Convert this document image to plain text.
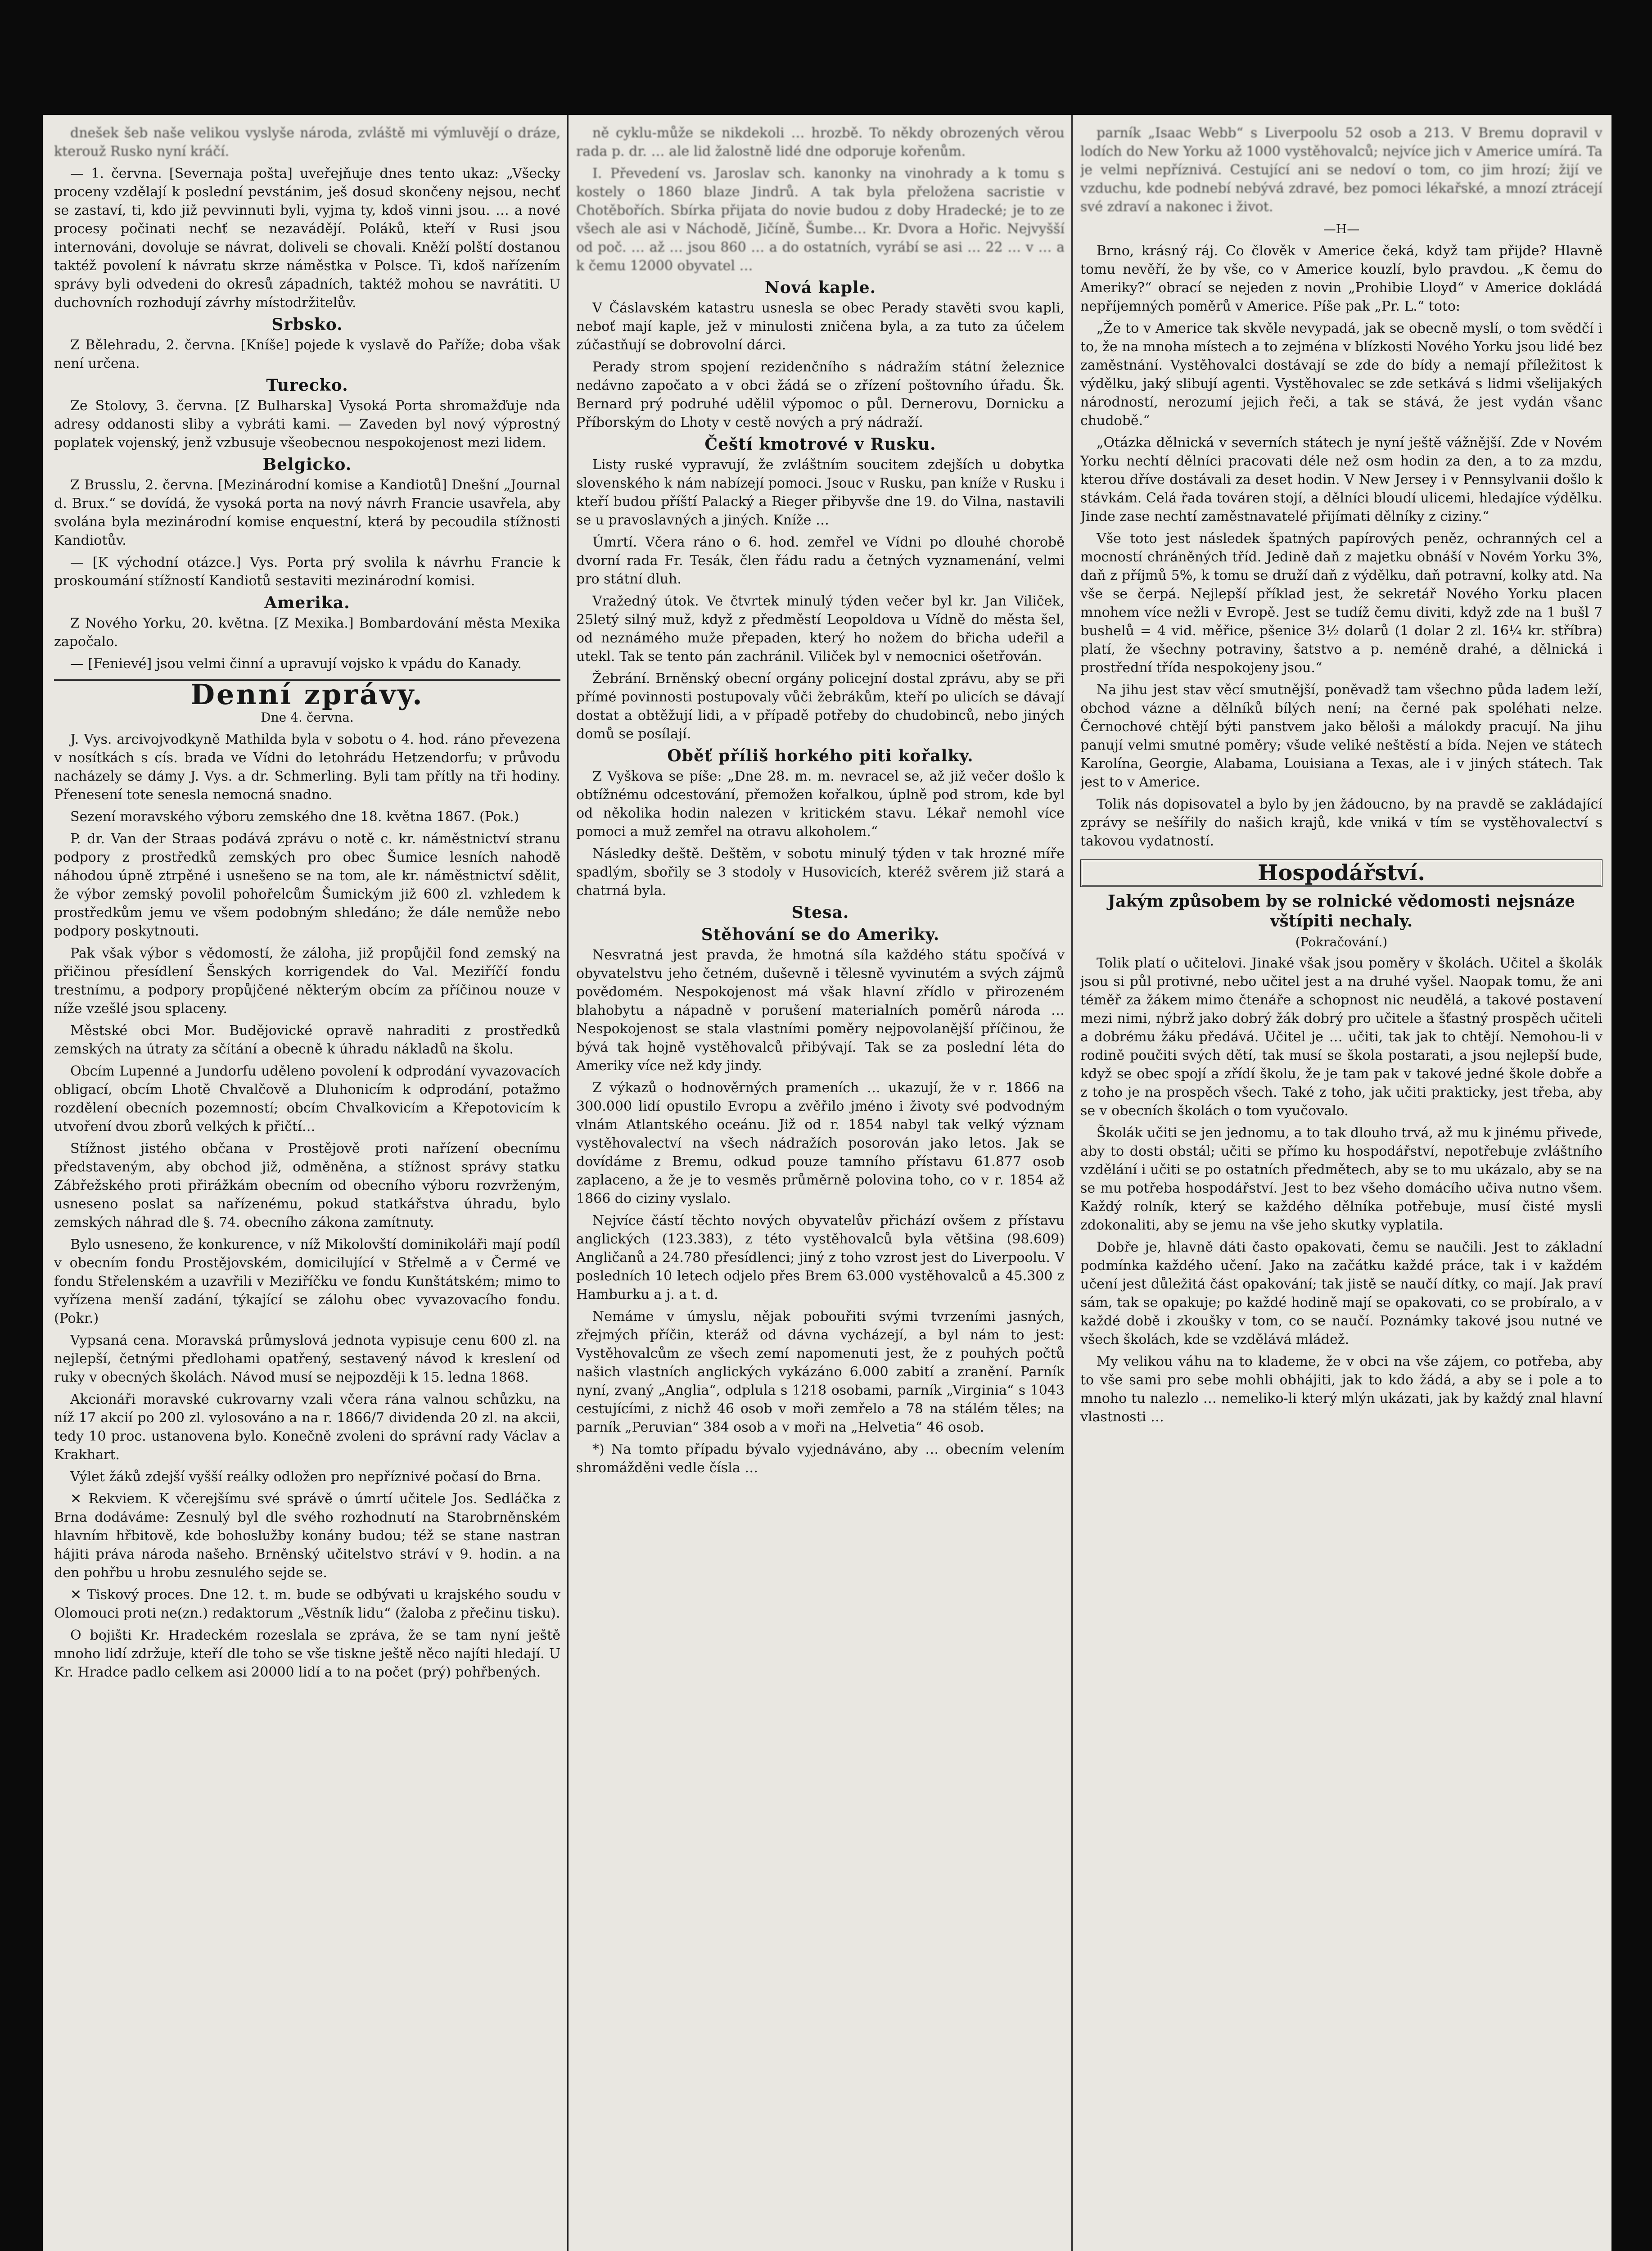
dnešek šeb naše velikou vyslyše národa, zvláště mi výmluvějí o dráze, kterouž Rusko nyní kráčí.

— 1. června. [Severnaja pošta] uveřejňuje dnes tento ukaz: „Všecky proceny vzdělají k poslední pevstánim, ješ dosud skončeny nejsou, nechť se zastaví, ti, kdo již pevvinnuti byli, vyjma ty, kdoš vinni jsou. … a nové procesy počinati nechť se nezavádějí. Poláků, kteří v Rusi jsou internováni, dovoluje se návrat, doliveli se chovali. Kněží polští dostanou taktéž povolení k návratu skrze náměstka v Polsce. Ti, kdoš nařízením správy byli odvedeni do okresů západních, taktéž mohou se navrátiti. U duchovních rozhodují závrhy místodržitelův.

Srbsko.

Z Bělehradu, 2. června. [Kníše] pojede k vyslavě do Paříže; doba však není určena.

Turecko.

Ze Stolovy, 3. června. [Z Bulharska] Vysoká Porta shromažďuje nda adresy oddanosti sliby a vybráti kami. — Zaveden byl nový výprostný poplatek vojenský, jenž vzbusuje všeobecnou nespokojenost mezi lidem.

Belgicko.

Z Brusslu, 2. června. [Mezinárodní komise a Kandiotů] Dnešní „Journal d. Brux.“ se dovídá, že vysoká porta na nový návrh Francie usavřela, aby svolána byla mezinárodní komise enquestní, která by pecoudila stížnosti Kandiotův.

— [K východní otázce.] Vys. Porta prý svolila k návrhu Francie k proskoumání stížností Kandiotů sestaviti mezinárodní komisi.

Amerika.

Z Nového Yorku, 20. května. [Z Mexika.] Bombardování města Mexika započalo.

— [Fenievé] jsou velmi činní a upravují vojsko k vpádu do Kanady.

Denní zprávy.
Dne 4. června.

J. Vys. arcivojvodkyně Mathilda byla v sobotu o 4. hod. ráno převezena v nosítkách s cís. brada ve Vídni do letohrádu Hetzendorfu; v průvodu nacházely se dámy J. Vys. a dr. Schmerling. Byli tam přítly na tři hodiny. Přenesení tote senesla nemocná snadno.

Sezení moravského výboru zemského dne 18. května 1867. (Pok.)

P. dr. Van der Straas podává zprávu o notě c. kr. náměstnictví stranu podpory z prostředků zemských pro obec Šumice lesních nahodě náhodou úpně ztrpěné i usnešeno se na tom, ale kr. náměstnictví sdělit, že výbor zemský povolil pohořelcům Šumickým již 600 zl. vzhledem k prostředkům jemu ve všem podobným shledáno; že dále nemůže nebo podpory poskytnouti.

Pak však výbor s vědomostí, že záloha, již propůjčil fond zemský na přičinou přesídlení Šenských korrigendek do Val. Meziříčí fondu trestnímu, a podpory propůjčené některým obcím za příčinou nouze v níže vzešlé jsou splaceny.

Městské obci Mor. Budějovické opravě nahraditi z prostředků zemských na útraty za sčítání a obecně k úhradu nákladů na školu.

Obcím Lupenné a Jundorfu uděleno povolení k odprodání vyvazovacích obligací, obcím Lhotě Chvalčově a Dluhonicím k odprodání, potažmo rozdělení obecních pozemností; obcím Chvalkovicím a Křepotovicím k utvoření dvou zborů velkých k přičtí…

Stížnost jistého občana v Prostějově proti nařízení obecnímu představeným, aby obchod již, odměněna, a stížnost správy statku Zábřežského proti přirážkám obecním od obecního výboru rozvrženým, usneseno poslat sa nařízenému, pokud statkářstva úhradu, bylo zemských náhrad dle §. 74. obecního zákona zamítnuty.

Bylo usneseno, že konkurence, v níž Mikolovští dominikoláři mají podíl v obecním fondu Prostějovském, domicilující v Střelmě a v Čermé ve fondu Střelenském a uzavřili v Meziříčku ve fondu Kunštátském; mimo to vyřízena menší zadání, týkající se zálohu obec vyvazovacího fondu. (Pokr.)

Vypsaná cena. Moravská průmyslová jednota vypisuje cenu 600 zl. na nejlepší, četnými předlohami opatřený, sestavený návod k kreslení od ruky v obecných školách. Návod musí se nejpozději k 15. ledna 1868.

Akcionáři moravské cukrovarny vzali včera rána valnou schůzku, na níž 17 akcií po 200 zl. vylosováno a na r. 1866/7 dividenda 20 zl. na akcii, tedy 10 proc. ustanovena bylo. Konečně zvoleni do správní rady Václav a Krakhart.

Výlet žáků zdejší vyšší reálky odložen pro nepříznivé počasí do Brna.

✕ Rekviem. K včerejšímu své správě o úmrtí učitele Jos. Sedláčka z Brna dodáváme: Zesnulý byl dle svého rozhodnutí na Starobrněnském hlavním hřbitově, kde bohoslužby konány budou; též se stane nastran hájiti práva národa našeho. Brněnský učitelstvo stráví v 9. hodin. a na den pohřbu u hrobu zesnulého sejde se.

✕ Tiskový proces. Dne 12. t. m. bude se odbývati u krajského soudu v Olomouci proti ne(zn.) redaktorum „Věstník lidu“ (žaloba z přečinu tisku).

O bojišti Kr. Hradeckém rozeslala se zpráva, že se tam nyní ještě mnoho lidí zdržuje, kteří dle toho se vše tiskne ještě něco najíti hledají. U Kr. Hradce padlo celkem asi 20000 lidí a to na počet (prý) pohřbených.

ně cyklu-může se nikdekoli … hrozbě. To někdy obrozených věrou rada p. dr. … ale lid žalostně lidé dne odporuje kořenům.

I. Převedení vs. Jaroslav sch. kanonky na vinohrady a k tomu s kostely o 1860 blaze Jindrů. A tak byla přeložena sacristie v Chotěbořích. Sbírka přijata do novie budou z doby Hradecké; je to ze všech ale asi v Náchodě, Jičíně, Šumbe… Kr. Dvora a Hořic. Nejvyšší od poč. … až … jsou 860 … a do ostatních, vyrábí se asi … 22 … v … a k čemu 12000 obyvatel …

Nová kaple.

V Čáslavském katastru usnesla se obec Perady stavěti svou kapli, neboť mají kaple, jež v minulosti zničena byla, a za tuto za účelem zúčastňují se dobrovolní dárci.

Perady strom spojení rezidenčního s nádražím státní železnice nedávno započato a v obci žádá se o zřízení poštovního úřadu. Šk. Bernard prý podruhé udělil výpomoc o půl. Dernerovu, Dornicku a Příborským do Lhoty v cestě nových a prý nádraží.

Čeští kmotrové v Rusku.

Listy ruské vypravují, že zvláštním soucitem zdejších u dobytka slovenského k nám nabízejí pomoci. Jsouc v Rusku, pan kníže v Rusku i kteří budou příští Palacký a Rieger přibyvše dne 19. do Vilna, nastavili se u pravoslavných a jiných. Kníže …

Úmrtí. Včera ráno o 6. hod. zemřel ve Vídni po dlouhé chorobě dvorní rada Fr. Tesák, člen řádu radu a četných vyznamenání, velmi pro státní dluh.

Vražedný útok. Ve čtvrtek minulý týden večer byl kr. Jan Viliček, 25letý silný muž, když z předměstí Leopoldova u Vídně do města šel, od neznámého muže přepaden, který ho nožem do břicha udeřil a utekl. Tak se tento pán zachránil. Viliček byl v nemocnici ošetřován.

Žebrání. Brněnský obecní orgány policejní dostal zprávu, aby se při přímé povinnosti postupovaly vůči žebrákům, kteří po ulicích se dávají dostat a obtěžují lidi, a v případě potřeby do chudobinců, nebo jiných domů se posílají.

Oběť příliš horkého piti kořalky.

Z Vyškova se píše: „Dne 28. m. m. nevracel se, až již večer došlo k obtížnému odcestování, přemožen kořalkou, úplně pod strom, kde byl od několika hodin nalezen v kritickém stavu. Lékař nemohl více pomoci a muž zemřel na otravu alkoholem.“

Následky deště. Deštěm, v sobotu minulý týden v tak hrozné míře spadlým, sbořily se 3 stodoly v Husovicích, kteréž svěrem již stará a chatrná byla.

Stesa.
Stěhování se do Ameriky.

Nesvratná jest pravda, že hmotná síla každého státu spočívá v obyvatelstvu jeho četném, duševně i tělesně vyvinutém a svých zájmů povědomém. Nespokojenost má však hlavní zřídlo v přirozeném blahobytu a nápadně v porušení materialních poměrů národa … Nespokojenost se stala vlastními poměry nejpovolanější příčinou, že bývá tak hojně vystěhovalců přibývají. Tak se za poslední léta do Ameriky více než kdy jindy.

Z výkazů o hodnověrných prameních … ukazují, že v r. 1866 na 300.000 lidí opustilo Evropu a zvěřilo jméno i životy své podvodným vlnám Atlantského oceánu. Již od r. 1854 nabyl tak velký význam vystěhovalectví na všech nádražích posorován jako letos. Jak se dovídáme z Bremu, odkud pouze tamního přístavu 61.877 osob zaplaceno, a že je to vesměs průměrně polovina toho, co v r. 1854 až 1866 do ciziny vyslalo.

Nejvíce částí těchto nových obyvatelův přichází ovšem z přístavu anglických (123.383), z této vystěhovalců byla většina (98.609) Angličanů a 24.780 přesídlenci; jiný z toho vzrost jest do Liverpoolu. V posledních 10 letech odjelo přes Brem 63.000 vystěhovalců a 45.300 z Hamburku a j. a t. d.

Nemáme v úmyslu, nějak pobouřiti svými tvrzeními jasných, zřejmých příčin, kteráž od dávna vycházejí, a byl nám to jest: Vystěhovalcům ze všech zemí napomenuti jest, že z pouhých počtů našich vlastních anglických vykázáno 6.000 zabití a zranění. Parník nyní, zvaný „Anglia“, odplula s 1218 osobami, parník „Virginia“ s 1043 cestujícími, z nichž 46 osob v moři zemřelo a 78 na stálém těles; na parník „Peruvian“ 384 osob a v moři na „Helvetia“ 46 osob.

*) Na tomto případu bývalo vyjednáváno, aby … obecním velením shromážděni vedle čísla …

parník „Isaac Webb“ s Liverpoolu 52 osob a 213. V Bremu dopravil v lodích do New Yorku až 1000 vystěhovalců; nejvíce jich v Americe umírá. Ta je velmi nepříznivá. Cestující ani se nedoví o tom, co jim hrozí; žijí ve vzduchu, kde podnebí nebývá zdravé, bez pomoci lékařské, a mnozí ztrácejí své zdraví a nakonec i život.

—H—

Brno, krásný ráj. Co člověk v Americe čeká, když tam přijde? Hlavně tomu nevěří, že by vše, co v Americe kouzlí, bylo pravdou. „K čemu do Ameriky?“ obrací se nejeden z novin „Prohibie Lloyd“ v Americe dokládá nepříjemných poměrů v Americe. Píše pak „Pr. L.“ toto:

„Že to v Americe tak skvěle nevypadá, jak se obecně myslí, o tom svědčí i to, že na mnoha místech a to zejména v blízkosti Nového Yorku jsou lidé bez zaměstnání. Vystěhovalci dostávají se zde do bídy a nemají příležitost k výdělku, jaký slibují agenti. Vystěhovalec se zde setkává s lidmi všelijakých národností, nerozumí jejich řeči, a tak se stává, že jest vydán všanc chudobě.“

„Otázka dělnická v severních státech je nyní ještě vážnější. Zde v Novém Yorku nechtí dělníci pracovati déle než osm hodin za den, a to za mzdu, kterou dříve dostávali za deset hodin. V New Jersey i v Pennsylvanii došlo k stávkám. Celá řada továren stojí, a dělníci bloudí ulicemi, hledajíce výdělku. Jinde zase nechtí zaměstnavatelé přijímati dělníky z ciziny.“

Vše toto jest následek špatných papírových peněz, ochranných cel a mocností chráněných tříd. Jedině daň z majetku obnáší v Novém Yorku 3%, daň z příjmů 5%, k tomu se druží daň z výdělku, daň potravní, kolky atd. Na vše se čerpá. Nejlepší příklad jest, že sekretář Nového Yorku placen mnohem více nežli v Evropě. Jest se tudíž čemu diviti, když zde na 1 bušl 7 bushelů = 4 vid. měřice, pšenice 3½ dolarů (1 dolar 2 zl. 16¼ kr. stříbra) platí, že všechny potraviny, šatstvo a p. neméně drahé, a dělnická i prostřední třída nespokojeny jsou.“

Na jihu jest stav věcí smutnější, poněvadž tam všechno půda ladem leží, obchod vázne a dělníků bílých není; na černé pak spoléhati nelze. Černochové chtějí býti panstvem jako běloši a málokdy pracují. Na jihu panují velmi smutné poměry; všude veliké neštěstí a bída. Nejen ve státech Karolína, Georgie, Alabama, Louisiana a Texas, ale i v jiných státech. Tak jest to v Americe.

Tolik nás dopisovatel a bylo by jen žádoucno, by na pravdě se zakládající zprávy se nešířily do našich krajů, kde vniká v tím se vystěhovalectví s takovou vydatností.

Hospodářství.
Jakým způsobem by se rolnické vědomosti nejsnáze vštípiti nechaly.
(Pokračování.)

Tolik platí o učitelovi. Jinaké však jsou poměry v školách. Učitel a školák jsou si půl protivné, nebo učitel jest a na druhé vyšel. Naopak tomu, že ani téměř za žákem mimo čtenáře a schopnost nic neudělá, a takové postavení mezi nimi, nýbrž jako dobrý žák dobrý pro učitele a šťastný prospěch učiteli a dobrému žáku předává. Učitel je … učiti, tak jak to chtějí. Nemohou-li v rodině poučiti svých dětí, tak musí se škola postarati, a jsou nejlepší bude, když se obec spojí a zřídí školu, že je tam pak v takové jedné škole dobře a z toho je na prospěch všech. Také z toho, jak učiti prakticky, jest třeba, aby se v obecních školách o tom vyučovalo.

Školák učiti se jen jednomu, a to tak dlouho trvá, až mu k jinému přivede, aby to dosti obstál; učiti se přímo ku hospodářství, nepotřebuje zvláštního vzdělání i učiti se po ostatních předmětech, aby se to mu ukázalo, aby se na se mu potřeba hospodářství. Jest to bez všeho domácího učiva nutno všem. Každý rolník, který se každého dělníka potřebuje, musí čisté mysli zdokonaliti, aby se jemu na vše jeho skutky vyplatila.

Dobře je, hlavně dáti často opakovati, čemu se naučili. Jest to základní podmínka každého učení. Jako na začátku každé práce, tak i v každém učení jest důležitá část opakování; tak jistě se naučí dítky, co mají. Jak praví sám, tak se opakuje; po každé hodině mají se opakovati, co se probíralo, a v každé době i zkoušky v tom, co se naučí. Poznámky takové jsou nutné ve všech školách, kde se vzdělává mládež.

My velikou váhu na to klademe, že v obci na vše zájem, co potřeba, aby to vše sami pro sebe mohli obhájiti, jak to kdo žádá, a aby se i pole a to mnoho tu nalezlo … nemeliko-li který mlýn ukázati, jak by každý znal hlavní vlastnosti …
